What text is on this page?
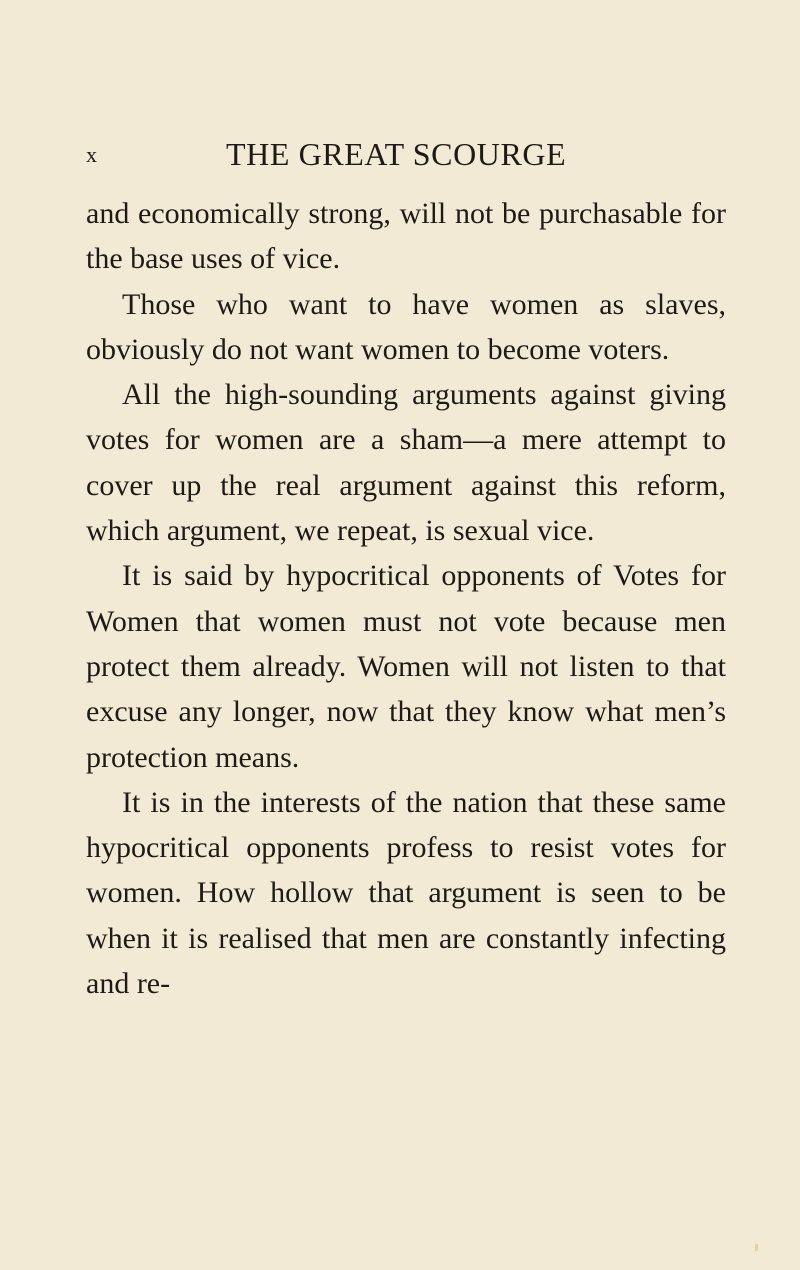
x	THE GREAT SCOURGE

and economically strong, will not be purchasable for the base uses of vice.

Those who want to have women as slaves, obviously do not want women to become voters.

All the high-sounding arguments against giving votes for women are a sham—a mere attempt to cover up the real argument against this reform, which argument, we repeat, is sexual vice.

It is said by hypocritical opponents of Votes for Women that women must not vote because men protect them already. Women will not listen to that excuse any longer, now that they know what men’s protection means.

It is in the interests of the nation that these same hypocritical opponents profess to resist votes for women. How hollow that argument is seen to be when it is realised that men are constantly infecting and re-
